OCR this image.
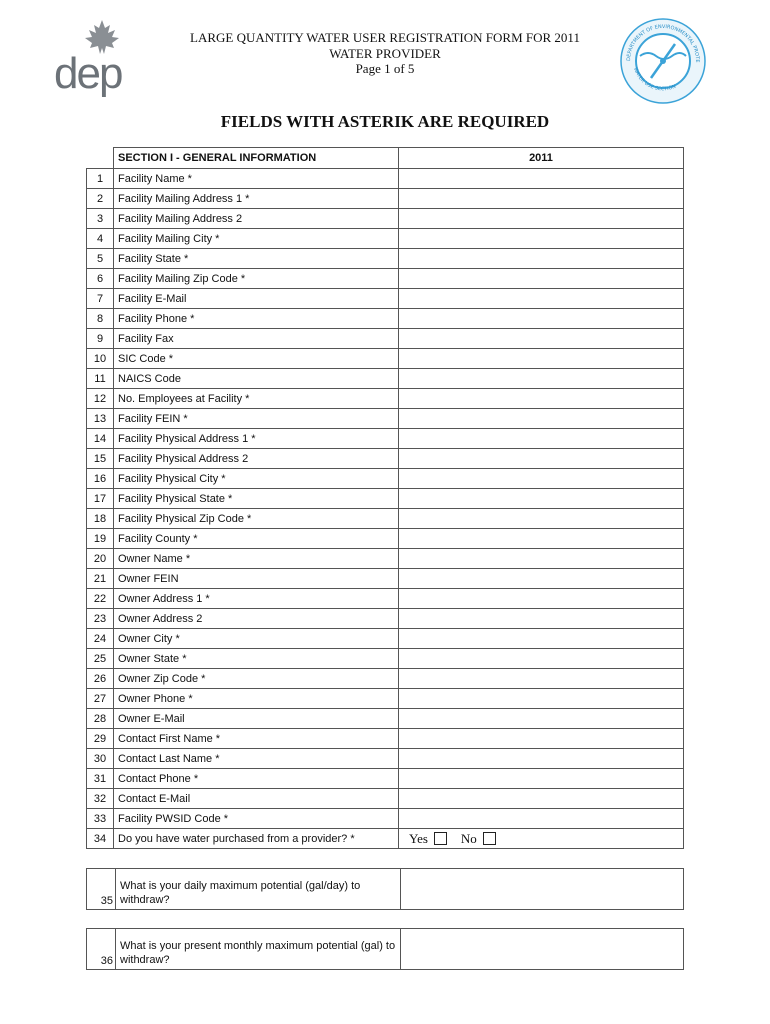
dep
LARGE QUANTITY WATER USER REGISTRATION FORM FOR 2011
WATER PROVIDER
Page 1 of 5
DEPARTMENT OF ENVIRONMENTAL PROTE
WATER USE SECTION
FIELDS WITH ASTERIK ARE REQUIRED
	SECTION I - GENERAL INFORMATION	2011
1	Facility Name *	
2	Facility Mailing Address 1 *	
3	Facility Mailing Address 2	
4	Facility Mailing City *	
5	Facility State *	
6	Facility Mailing Zip Code *	
7	Facility E-Mail	
8	Facility Phone *	
9	Facility Fax	
10	SIC Code *	
11	NAICS Code	
12	No. Employees at Facility *	
13	Facility FEIN *	
14	Facility Physical Address 1 *	
15	Facility Physical Address 2	
16	Facility Physical City *	
17	Facility Physical State *	
18	Facility Physical Zip Code *	
19	Facility County *	
20	Owner Name *	
21	Owner FEIN	
22	Owner Address 1 *	
23	Owner Address 2	
24	Owner City *	
25	Owner State *	
26	Owner Zip Code *	
27	Owner Phone *	
28	Owner E-Mail	
29	Contact First Name *	
30	Contact Last Name *	
31	Contact Phone *	
32	Contact E-Mail	
33	Facility PWSID Code *	
34	Do you have water purchased from a provider? *	Yes No
35	What is your daily maximum potential (gal/day) to withdraw?	
36	What is your present monthly maximum potential (gal) to withdraw?	
